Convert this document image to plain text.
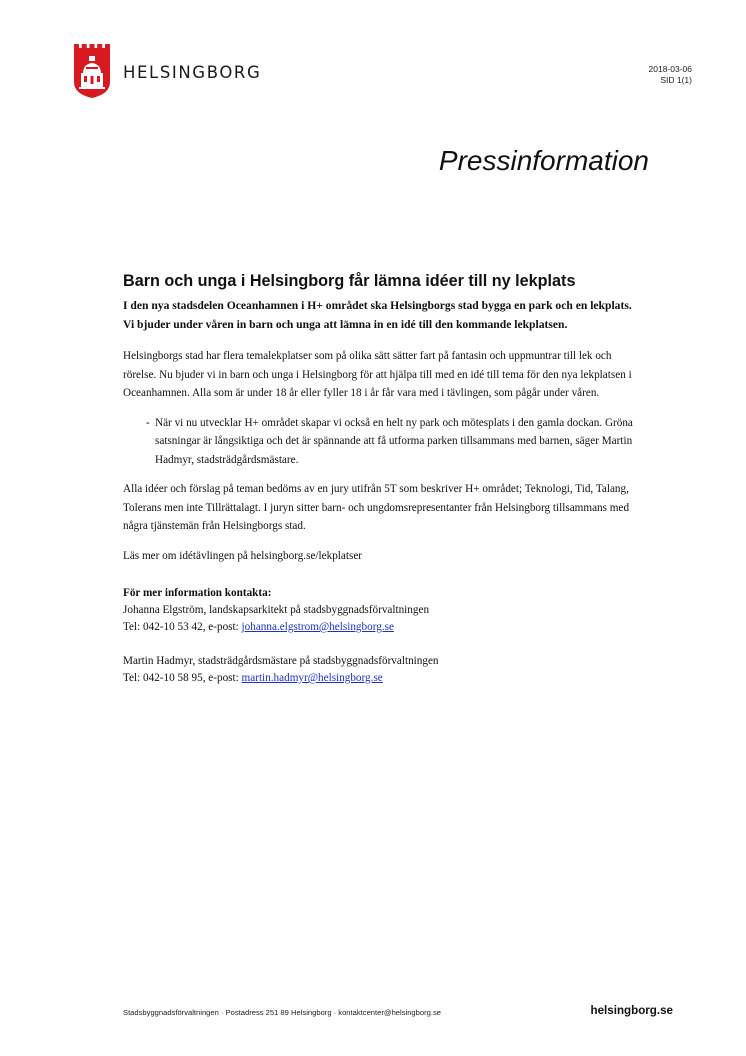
HELSINGBORG	2018-03-06
SID 1(1)
Pressinformation
Barn och unga i Helsingborg får lämna idéer till ny lekplats

I den nya stadsdelen Oceanhamnen i H+ området ska Helsingborgs stad bygga en park och en lekplats. Vi bjuder under våren in barn och unga att lämna in en idé till den kommande lekplatsen.

Helsingborgs stad har flera temalekplatser som på olika sätt sätter fart på fantasin och uppmuntrar till lek och rörelse. Nu bjuder vi in barn och unga i Helsingborg för att hjälpa till med en idé till tema för den nya lekplatsen i Oceanhamnen. Alla som är under 18 år eller fyller 18 i år får vara med i tävlingen, som pågår under våren.

- När vi nu utvecklar H+ området skapar vi också en helt ny park och mötesplats i den gamla dockan. Gröna satsningar är långsiktiga och det är spännande att få utforma parken tillsammans med barnen, säger Martin Hadmyr, stadsträdgårdsmästare.

Alla idéer och förslag på teman bedöms av en jury utifrån 5T som beskriver H+ området; Teknologi, Tid, Talang, Tolerans men inte Tillrättalagt. I juryn sitter barn- och ungdomsrepresentanter från Helsingborg tillsammans med några tjänstemän från Helsingborgs stad.

Läs mer om idétävlingen på helsingborg.se/lekplatser

För mer information kontakta:
Johanna Elgström, landskapsarkitekt på stadsbyggnadsförvaltningen
Tel: 042-10 53 42, e-post: johanna.elgstrom@helsingborg.se
Martin Hadmyr, stadsträdgårdsmästare på stadsbyggnadsförvaltningen
Tel: 042-10 58 95, e-post: martin.hadmyr@helsingborg.se
Stadsbyggnadsförvaltningen · Postadress 251 89 Helsingborg · kontaktcenter@helsingborg.se	helsingborg.se
